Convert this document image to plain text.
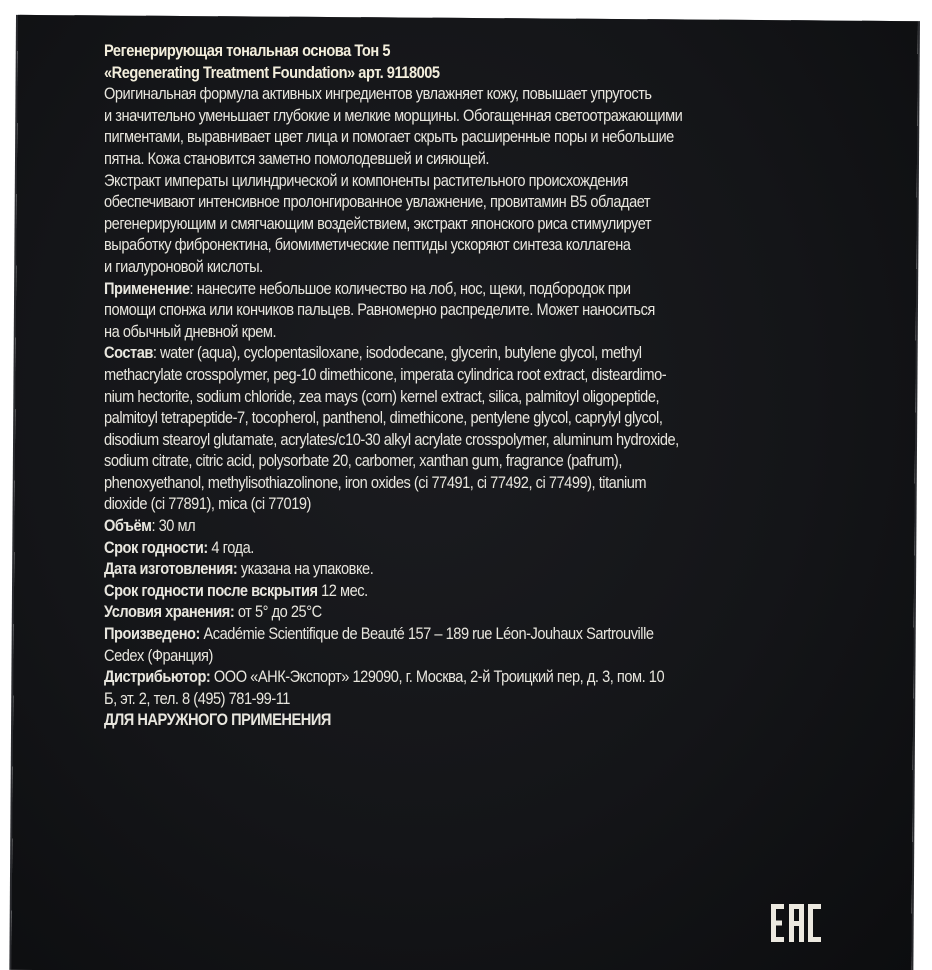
Регенерирующая тональная основа Тон 5
«Regenerating Treatment Foundation» арт. 9118005
Оригинальная формула активных ингредиентов увлажняет кожу, повышает упругость
и значительно уменьшает глубокие и мелкие морщины. Обогащенная светоотражающими
пигментами, выравнивает цвет лица и помогает скрыть расширенные поры и небольшие
пятна. Кожа становится заметно помолодевшей и сияющей.
Экстракт императы цилиндрической и компоненты растительного происхождения
обеспечивают интенсивное пролонгированное увлажнение, провитамин В5 обладает
регенерирующим и смягчающим воздействием, экстракт японского риса стимулирует
выработку фибронектина, биомиметические пептиды ускоряют синтеза коллагена
и гиалуроновой кислоты.
Применение: нанесите небольшое количество на лоб, нос, щеки, подбородок при
помощи спонжа или кончиков пальцев. Равномерно распределите. Может наноситься
на обычный дневной крем.
Состав: water (aqua), cyclopentasiloxane, isododecane, glycerin, butylene glycol, methyl
methacrylate crosspolymer, peg-10 dimethicone, imperata cylindrica root extract, disteardimo-
nium hectorite, sodium chloride, zea mays (corn) kernel extract, silica, palmitoyl oligopeptide,
palmitoyl tetrapeptide-7, tocopherol, panthenol, dimethicone, pentylene glycol, caprylyl glycol,
disodium stearoyl glutamate, acrylates/c10-30 alkyl acrylate crosspolymer, aluminum hydroxide,
sodium citrate, citric acid, polysorbate 20, carbomer, xanthan gum, fragrance (pafrum),
phenoxyethanol, methylisothiazolinone, iron oxides (ci 77491, ci 77492, ci 77499), titanium
dioxide (ci 77891), mica (ci 77019)
Объём: 30 мл
Срок годности: 4 года.
Дата изготовления: указана на упаковке.
Срок годности после вскрытия 12 мес.
Условия хранения: от 5° до 25°C
Произведено: Académie Scientifique de Beauté 157 – 189 rue Léon-Jouhaux Sartrouville
Cedex (Франция)
Дистрибьютор: ООО «АНК-Экспорт» 129090, г. Москва, 2-й Троицкий пер, д. 3, пом. 10
Б, эт. 2, тел. 8 (495) 781-99-11
ДЛЯ НАРУЖНОГО ПРИМЕНЕНИЯ
